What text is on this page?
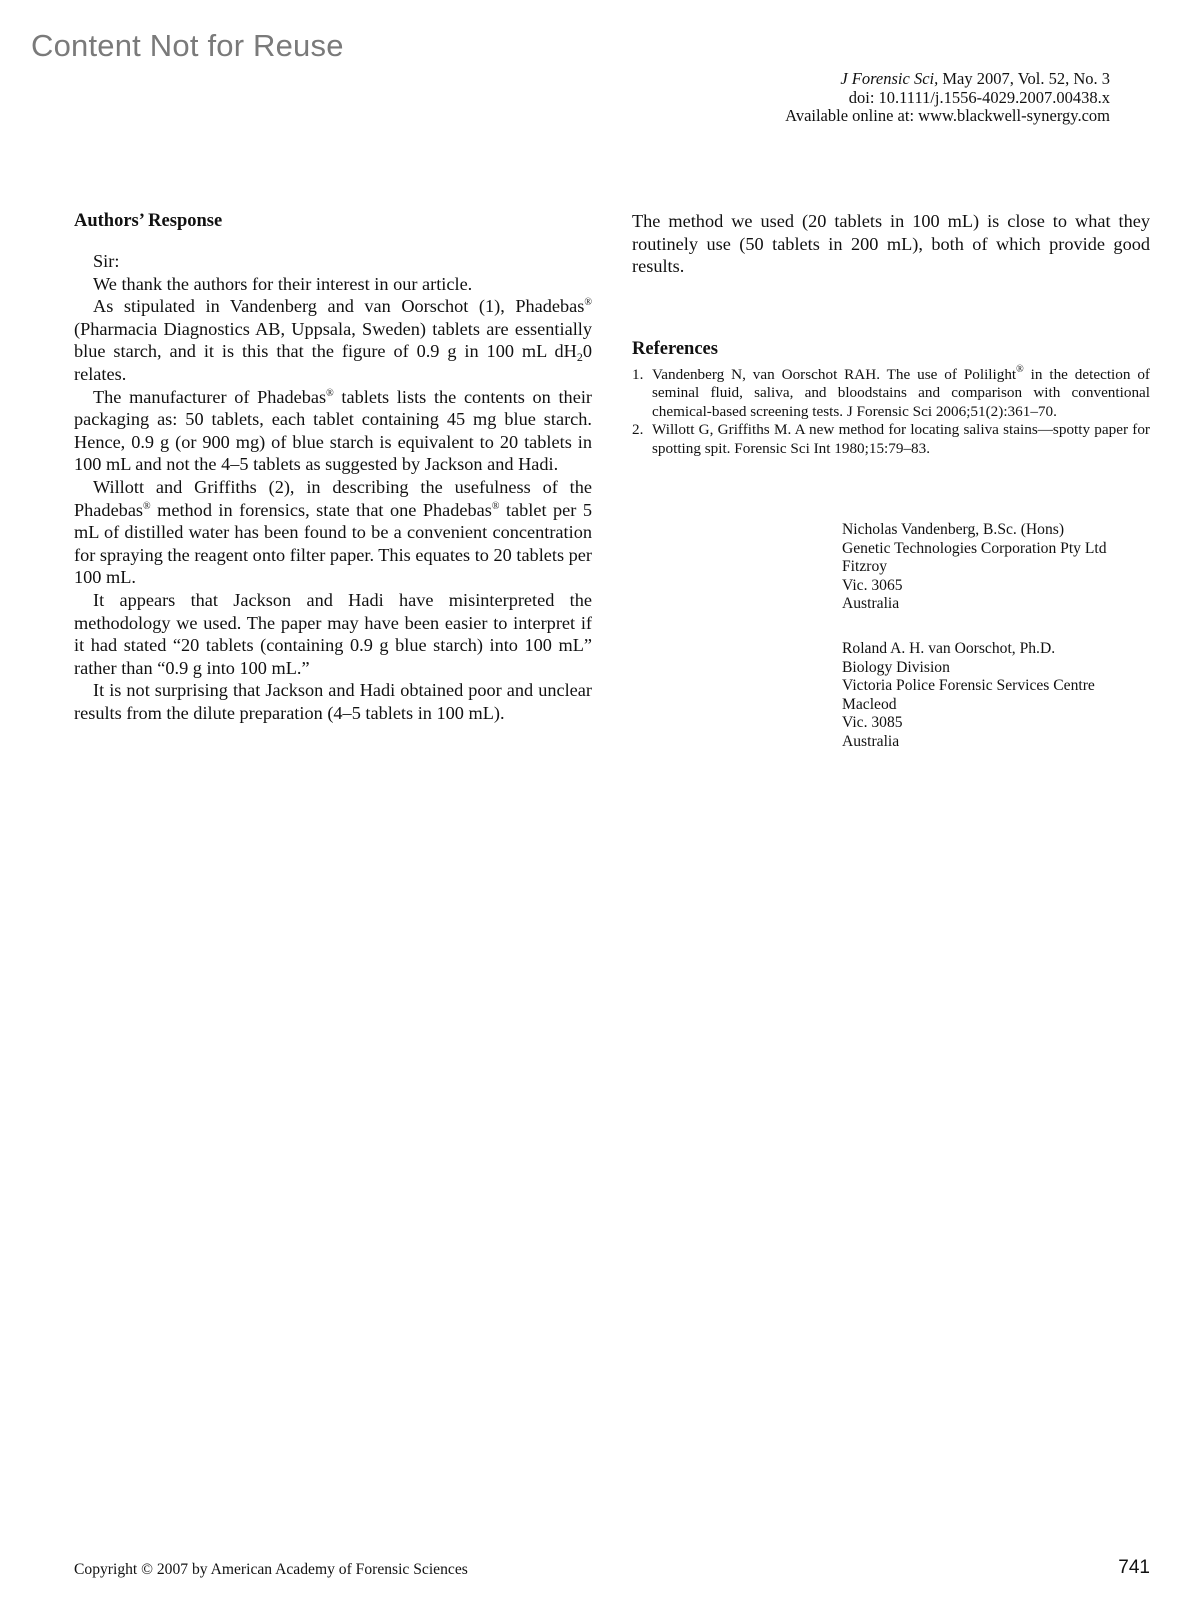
Content Not for Reuse
J Forensic Sci, May 2007, Vol. 52, No. 3
doi: 10.1111/j.1556-4029.2007.00438.x
Available online at: www.blackwell-synergy.com
Authors’ Response

Sir:

We thank the authors for their interest in our article.

As stipulated in Vandenberg and van Oorschot (1), Phadebas® (Pharmacia Diagnostics AB, Uppsala, Sweden) tablets are essentially blue starch, and it is this that the figure of 0.9 g in 100 mL $dH_20$ relates.

The manufacturer of Phadebas® tablets lists the contents on their packaging as: 50 tablets, each tablet containing 45 mg blue starch. Hence, 0.9 g (or 900 mg) of blue starch is equivalent to 20 tablets in 100 mL and not the 4–5 tablets as suggested by Jackson and Hadi.

Willott and Griffiths (2), in describing the usefulness of the Phadebas® method in forensics, state that one Phadebas® tablet per 5 mL of distilled water has been found to be a convenient concentration for spraying the reagent onto filter paper. This equates to 20 tablets per 100 mL.

It appears that Jackson and Hadi have misinterpreted the methodology we used. The paper may have been easier to interpret if it had stated “20 tablets (containing 0.9 g blue starch) into 100 mL” rather than “0.9 g into 100 mL.”

It is not surprising that Jackson and Hadi obtained poor and unclear results from the dilute preparation (4–5 tablets in 100 mL).

The method we used (20 tablets in 100 mL) is close to what they routinely use (50 tablets in 200 mL), both of which provide good results.

References
1. Vandenberg N, van Oorschot RAH. The use of Polilight® in the detection of seminal fluid, saliva, and bloodstains and comparison with conventional chemical-based screening tests. J Forensic Sci 2006;51(2):361–70.
2. Willott G, Griffiths M. A new method for locating saliva stains—spotty paper for spotting spit. Forensic Sci Int 1980;15:79–83.
Nicholas Vandenberg, B.Sc. (Hons)
Genetic Technologies Corporation Pty Ltd
Fitzroy
Vic. 3065
Australia
Roland A. H. van Oorschot, Ph.D.
Biology Division
Victoria Police Forensic Services Centre
Macleod
Vic. 3085
Australia
Copyright © 2007 by American Academy of Forensic Sciences	741
